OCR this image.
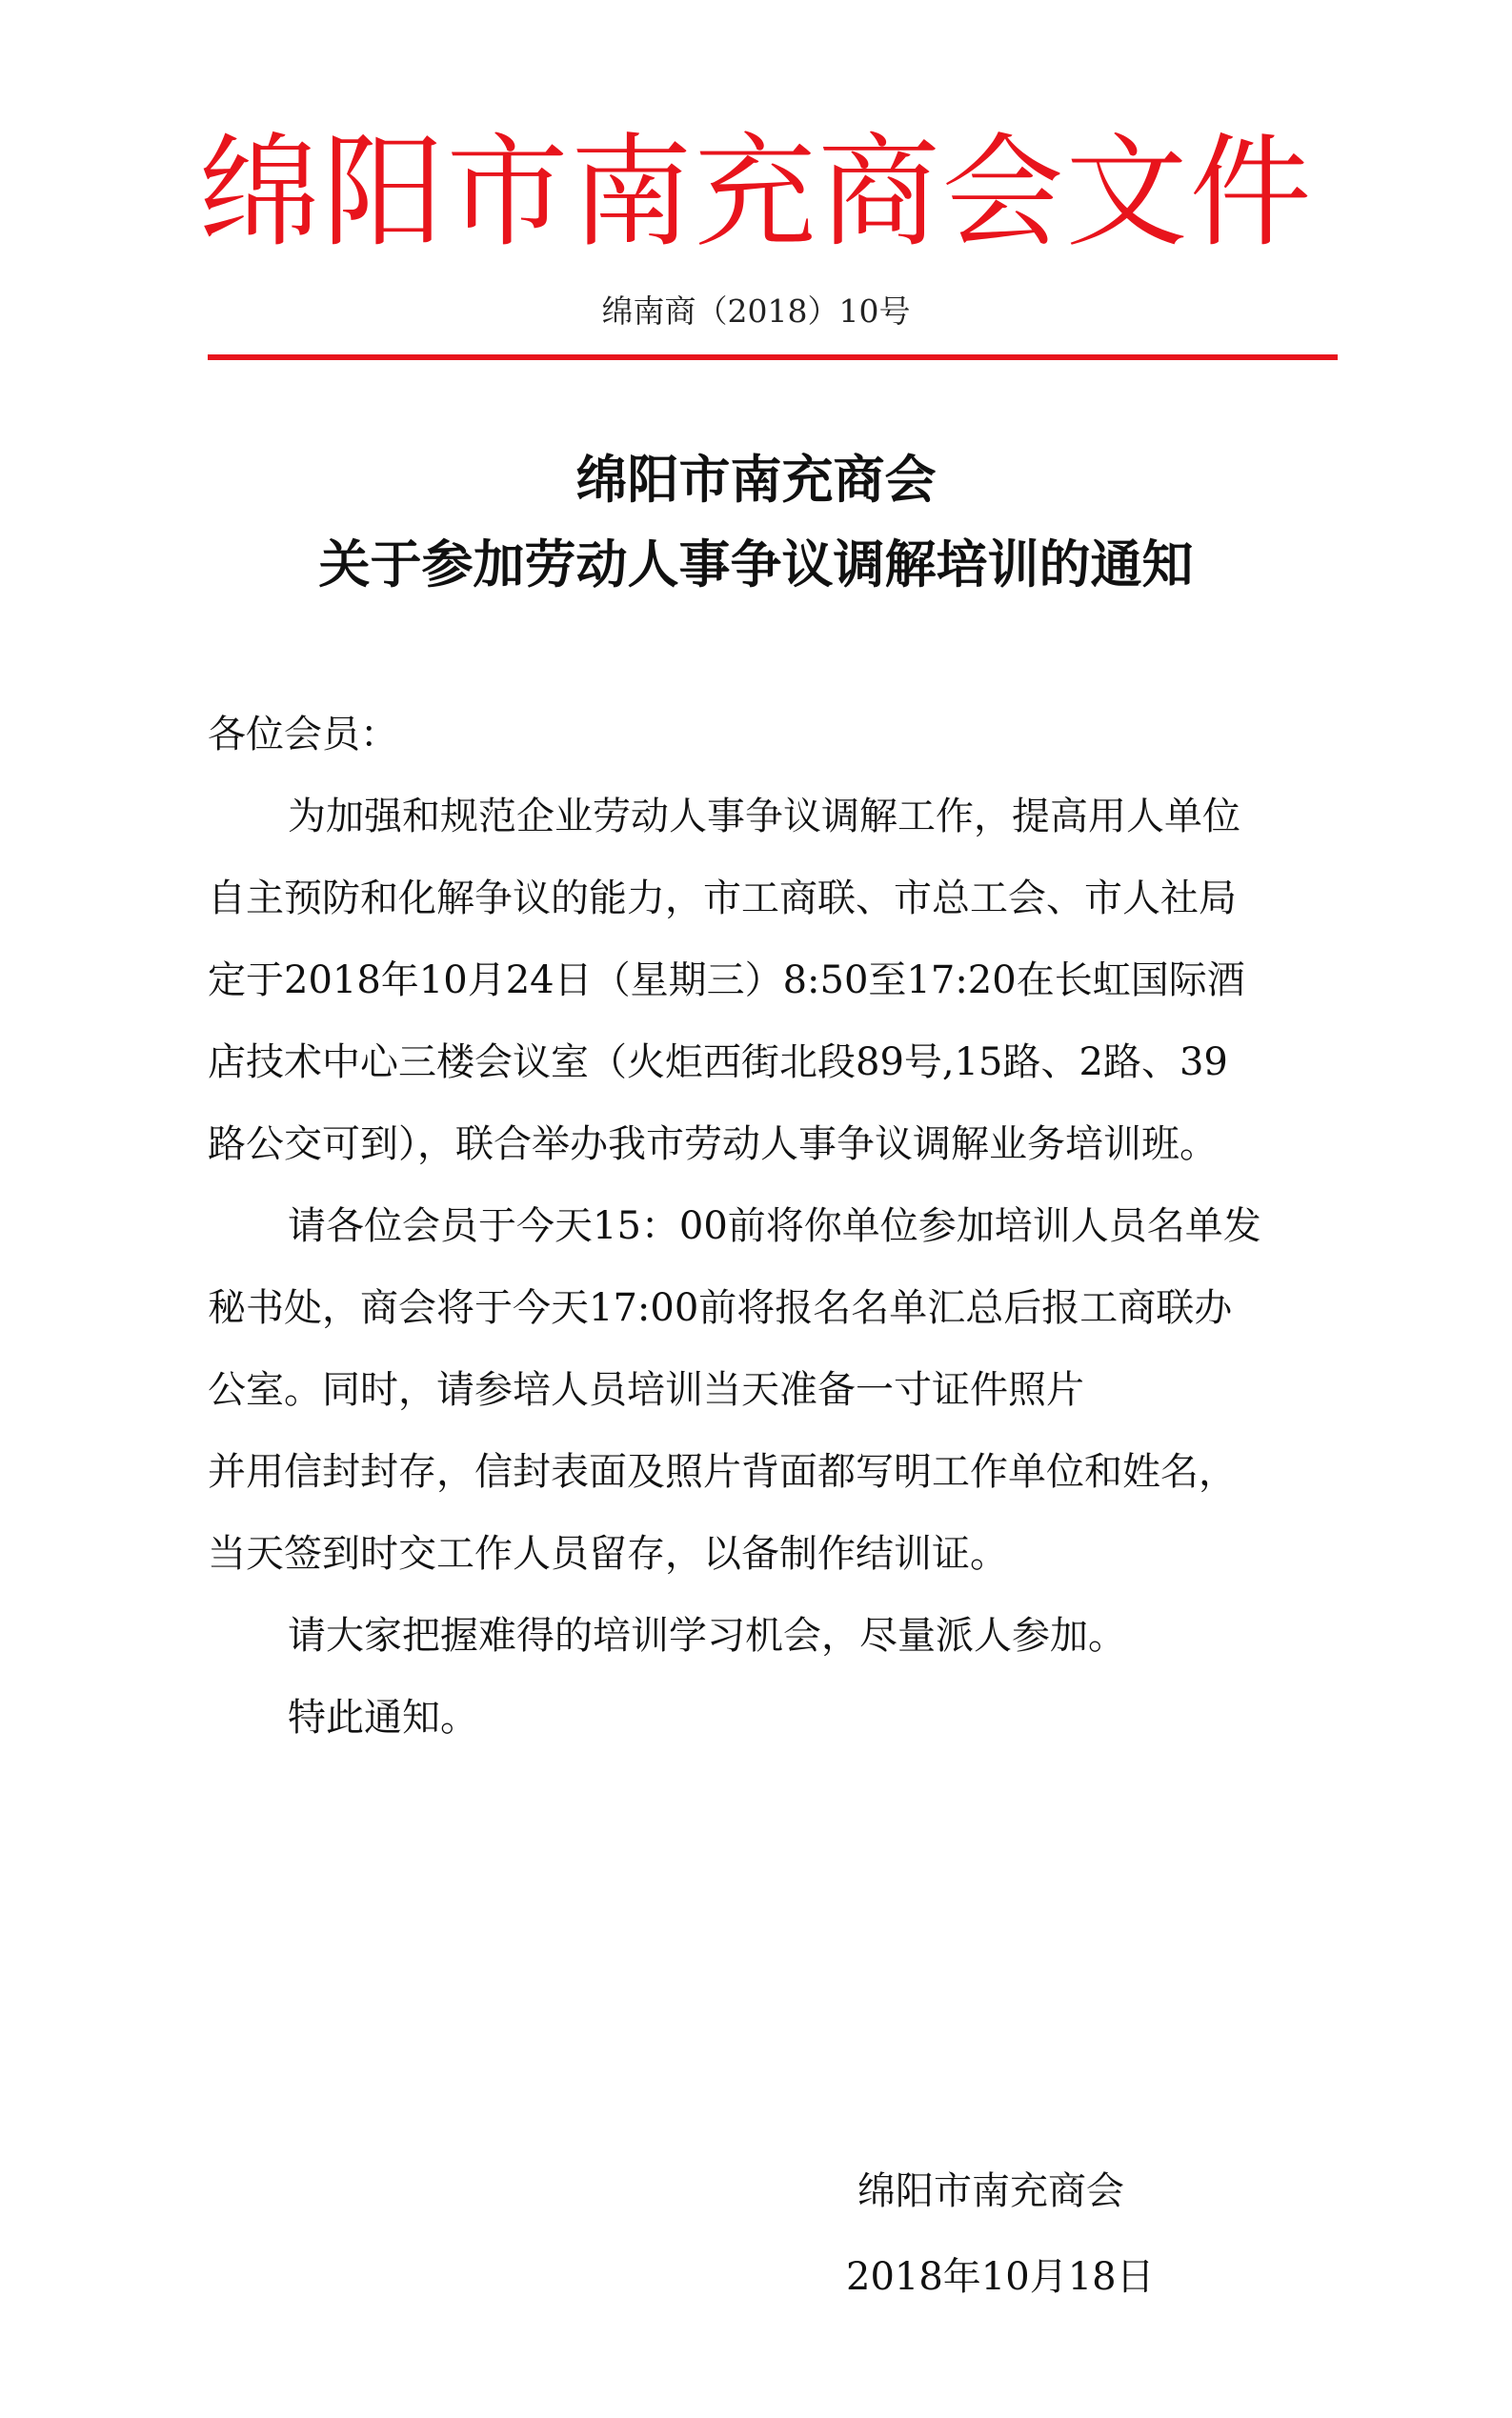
绵阳市南充商会文件
绵南商（2018）10号
绵阳市南充商会
关于参加劳动人事争议调解培训的通知
各位会员：
为加强和规范企业劳动人事争议调解工作，提高用人单位
自主预防和化解争议的能力，市工商联、市总工会、市人社局
定于2018年10月24日（星期三）8:50至17:20在长虹国际酒
店技术中心三楼会议室（火炬西街北段89号,15路、2路、39
路公交可到），联合举办我市劳动人事争议调解业务培训班。
请各位会员于今天15：00前将你单位参加培训人员名单发
秘书处，商会将于今天17:00前将报名名单汇总后报工商联办
公室。同时，请参培人员培训当天准备一寸证件照片
并用信封封存，信封表面及照片背面都写明工作单位和姓名，
当天签到时交工作人员留存，以备制作结训证。
请大家把握难得的培训学习机会，尽量派人参加。
特此通知。
绵阳市南充商会
2018年10月18日
